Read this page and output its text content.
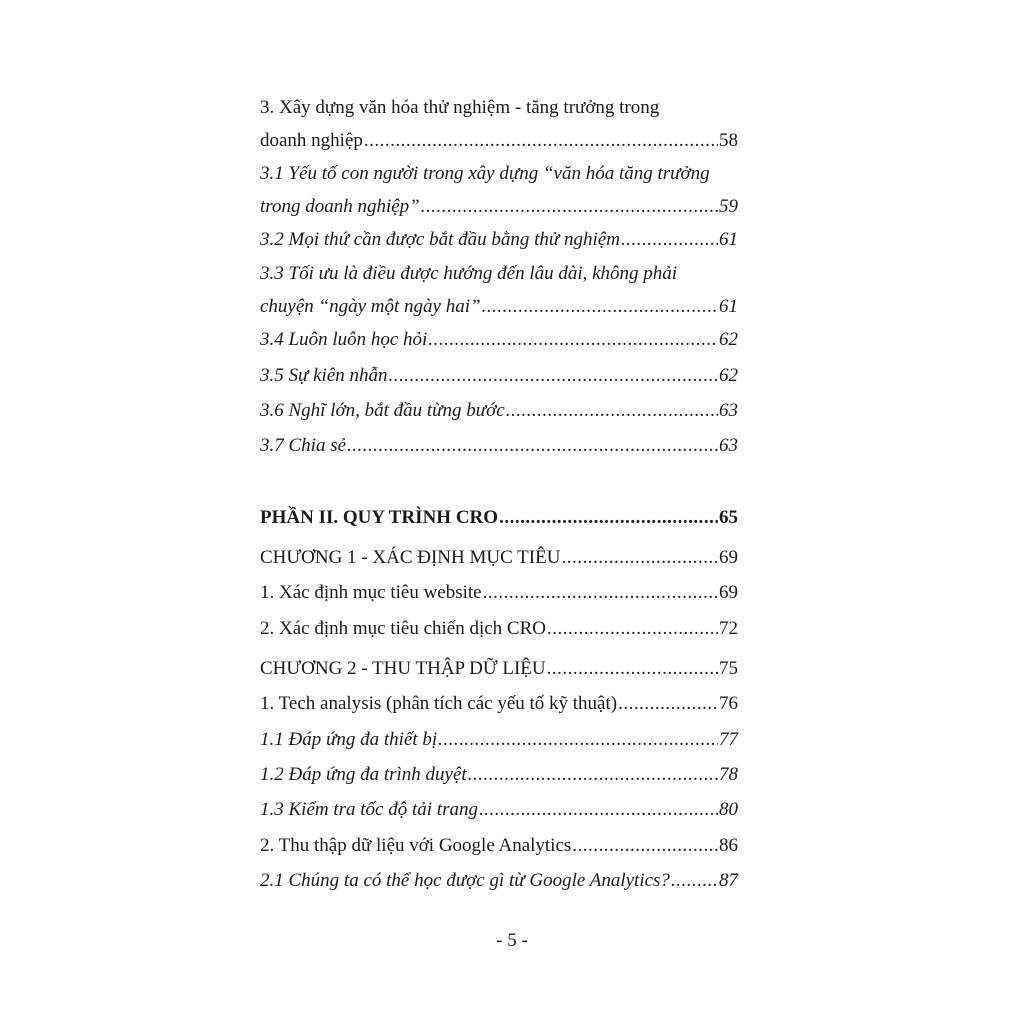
3. Xây dựng văn hóa thử nghiệm - tăng trưởng trong
doanh nghiệp .....	58
3.1 Yếu tố con người trong xây dựng “văn hóa tăng trưởng
trong doanh nghiệp” .....	59
3.2 Mọi thứ cần được bắt đầu bằng thử nghiệm .....	61
3.3 Tối ưu là điều được hướng đến lâu dài, không phải
chuyện “ngày một ngày hai” .....	61
3.4 Luôn luôn học hỏi .....	62
3.5 Sự kiên nhẫn .....	62
3.6 Nghĩ lớn, bắt đầu từng bước .....	63
3.7 Chia sẻ .....	63
PHẦN II. QUY TRÌNH CRO .....	65
CHƯƠNG 1 - XÁC ĐỊNH MỤC TIÊU .....	69
1. Xác định mục tiêu website .....	69
2. Xác định mục tiêu chiến dịch CRO .....	72
CHƯƠNG 2 - THU THẬP DỮ LIỆU .....	75
1. Tech analysis (phân tích các yếu tố kỹ thuật) .....	76
1.1 Đáp ứng đa thiết bị .....	77
1.2 Đáp ứng đa trình duyệt .....	78
1.3 Kiểm tra tốc độ tải trang .....	80
2. Thu thập dữ liệu với Google Analytics .....	86
2.1 Chúng ta có thể học được gì từ Google Analytics? .....	87
- 5 -
